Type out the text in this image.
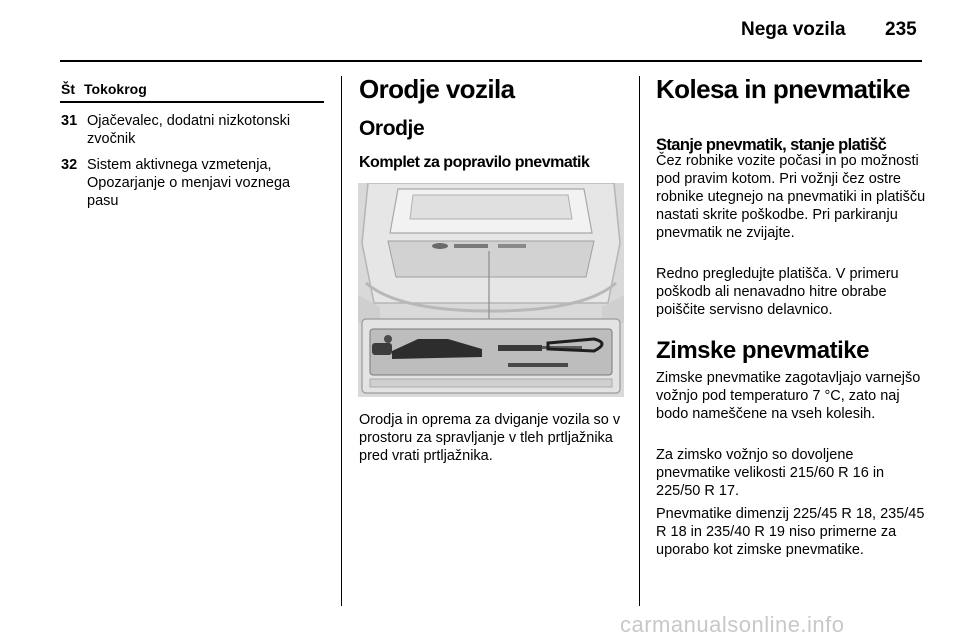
Nega vozila 235
Št Tokokrog
31 Ojačevalec, dodatni nizkotonski zvočnik
32 Sistem aktivnega vzmetenja, Opozarjanje o menjavi voznega pasu
Orodje vozila
Orodje
Komplet za popravilo pnevmatik
Orodja in oprema za dviganje vozila so v prostoru za spravljanje v tleh prtljažnika pred vrati prtljažnika.
Kolesa in pnevmatike
Stanje pnevmatik, stanje platišč
Čez robnike vozite počasi in po možnosti pod pravim kotom. Pri vožnji čez ostre robnike utegnejo na pnevmatiki in platišču nastati skrite poškodbe. Pri parkiranju pnevmatik ne zvijajte.
Redno pregledujte platišča. V primeru poškodb ali nenavadno hitre obrabe poiščite servisno delavnico.
Zimske pnevmatike
Zimske pnevmatike zagotavljajo varnejšo vožnjo pod temperaturo 7 °C, zato naj bodo nameščene na vseh kolesih.
Za zimsko vožnjo so dovoljene pnevmatike velikosti 215/60 R 16 in 225/50 R 17.
Pnevmatike dimenzij 225/45 R 18, 235/45 R 18 in 235/40 R 19 niso primerne za uporabo kot zimske pnevmatike.
carmanualsonline.info
